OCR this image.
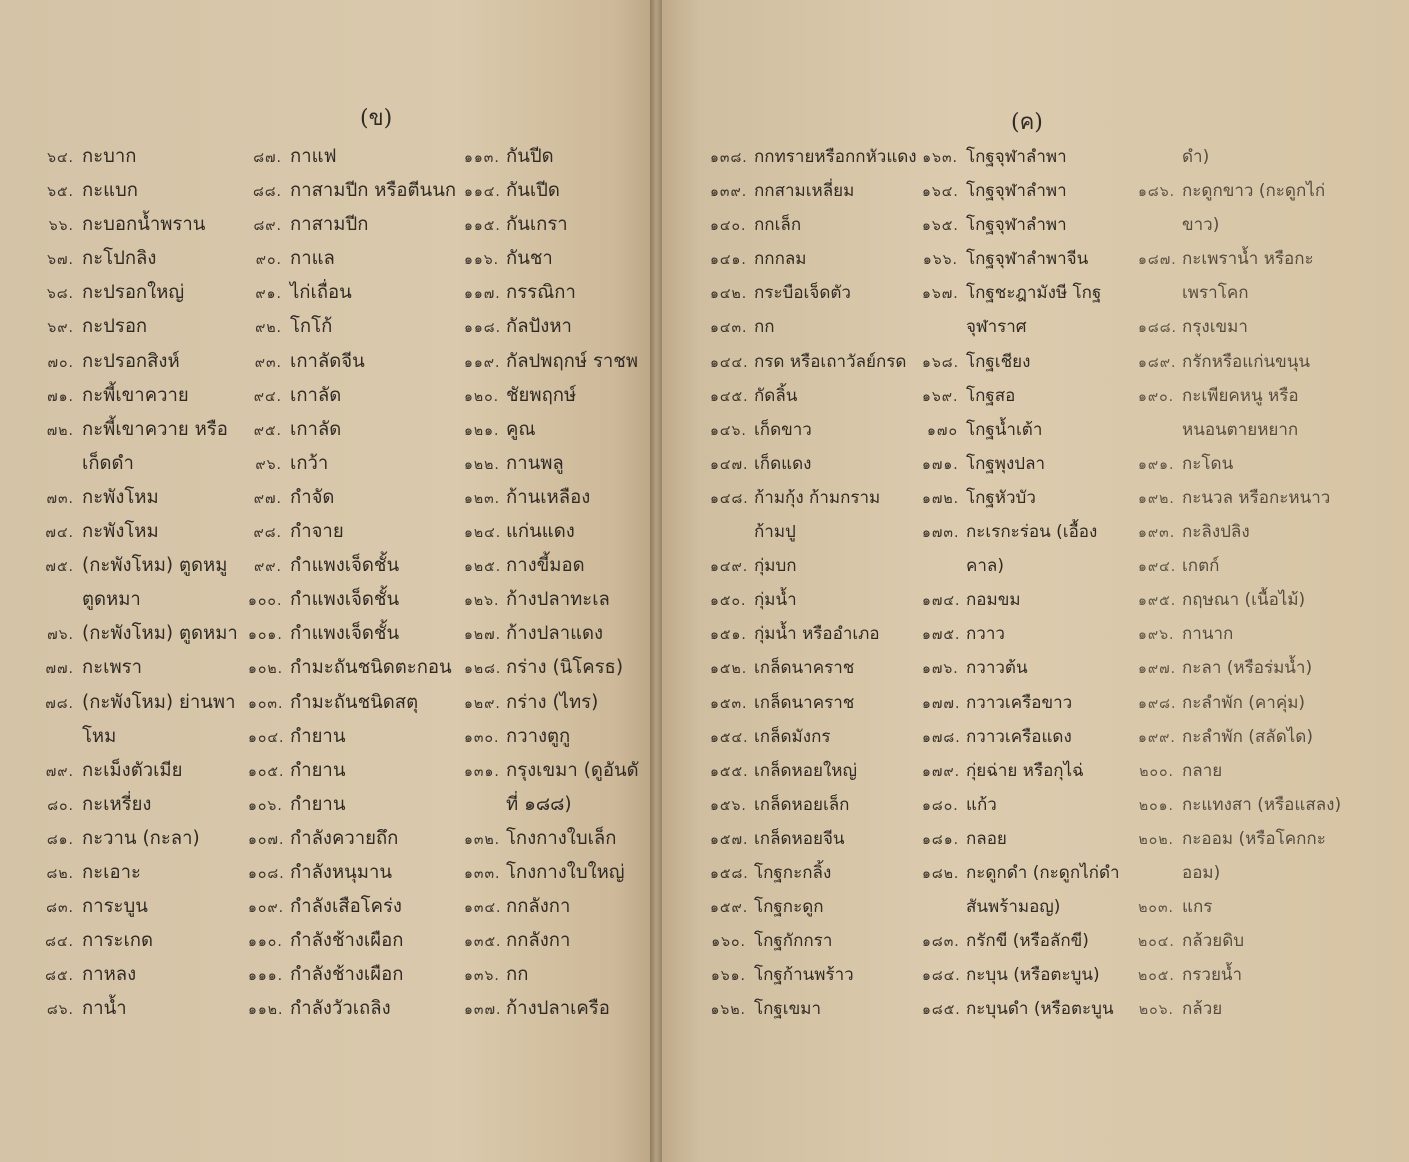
(ข)
๖๔. กะบาก
๖๕. กะแบก
๖๖. กะบอกน้ำพราน
๖๗. กะโปกลิง
๖๘. กะปรอกใหญ่
๖๙. กะปรอก
๗๐. กะปรอกสิงห์
๗๑. กะพี้เขาควาย
๗๒. กะพี้เขาควาย หรือ
เก็ดดำ
๗๓. กะพังโหม
๗๔. กะพังโหม
๗๕. (กะพังโหม) ตูดหมู
ตูดหมา
๗๖. (กะพังโหม) ตูดหมา
๗๗. กะเพรา
๗๘. (กะพังโหม) ย่านพา
โหม
๗๙. กะเม็งตัวเมีย
๘๐. กะเหรี่ยง
๘๑. กะวาน (กะลา)
๘๒. กะเอาะ
๘๓. การะบูน
๘๔. การะเกด
๘๕. กาหลง
๘๖. กาน้ำ
๘๗. กาแฟ
๘๘. กาสามปีก หรือตีนนก
๘๙. กาสามปีก
๙๐. กาแล
๙๑. ไก่เถื่อน
๙๒. โกโก้
๙๓. เกาลัดจีน
๙๔. เกาลัด
๙๕. เกาลัด
๙๖. เกว้า
๙๗. กำจัด
๙๘. กำจาย
๙๙. กำแพงเจ็ดชั้น
๑๐๐. กำแพงเจ็ดชั้น
๑๐๑. กำแพงเจ็ดชั้น
๑๐๒. กำมะถันชนิดตะกอน
๑๐๓. กำมะถันชนิดสตุ
๑๐๔. กำยาน
๑๐๕. กำยาน
๑๐๖. กำยาน
๑๐๗. กำลังควายถึก
๑๐๘. กำลังหนุมาน
๑๐๙. กำลังเสือโคร่ง
๑๑๐. กำลังช้างเผือก
๑๑๑. กำลังช้างเผือก
๑๑๒. กำลังวัวเถลิง
๑๑๓. กันปีด
๑๑๔. กันเปีด
๑๑๕. กันเกรา
๑๑๖. กันชา
๑๑๗. กรรณิกา
๑๑๘. กัลปังหา
๑๑๙. กัลปพฤกษ์ ราชพ
๑๒๐. ชัยพฤกษ์
๑๒๑. คูณ
๑๒๒. กานพลู
๑๒๓. ก้านเหลือง
๑๒๔. แก่นแดง
๑๒๕. กางขี้มอด
๑๒๖. ก้างปลาทะเล
๑๒๗. ก้างปลาแดง
๑๒๘. กร่าง (นิโครธ)
๑๒๙. กร่าง (ไทร)
๑๓๐. กวางตูกู
๑๓๑. กรุงเขมา (ดูอันดั
ที่ ๑๘๘)
๑๓๒. โกงกางใบเล็ก
๑๓๓. โกงกางใบใหญ่
๑๓๔. กกลังกา
๑๓๕. กกลังกา
๑๓๖. กก
๑๓๗. ก้างปลาเครือ
(ค)
๑๓๘. กกทรายหรือกกหัวแดง
๑๓๙. กกสามเหลี่ยม
๑๔๐. กกเล็ก
๑๔๑. กกกลม
๑๔๒. กระบือเจ็ดตัว
๑๔๓. กก
๑๔๔. กรด หรือเถาวัลย์กรด
๑๔๕. กัดลิ้น
๑๔๖. เก็ดขาว
๑๔๗. เก็ดแดง
๑๔๘. ก้ามกุ้ง ก้ามกราม
ก้ามปู
๑๔๙. กุ่มบก
๑๕๐. กุ่มน้ำ
๑๕๑. กุ่มน้ำ หรืออำเภอ
๑๕๒. เกล็ดนาคราช
๑๕๓. เกล็ดนาคราช
๑๕๔. เกล็ดมังกร
๑๕๕. เกล็ดหอยใหญ่
๑๕๖. เกล็ดหอยเล็ก
๑๕๗. เกล็ดหอยจีน
๑๕๘. โกฐกะกลิ้ง
๑๕๙. โกฐกะดูก
๑๖๐. โกฐกักกรา
๑๖๑. โกฐก้านพร้าว
๑๖๒. โกฐเขมา
๑๖๓. โกฐจุฬาลำพา
๑๖๔. โกฐจุฬาลำพา
๑๖๕. โกฐจุฬาลำพา
๑๖๖. โกฐจุฬาลำพาจีน
๑๖๗. โกฐชะฎามังษี โกฐ
จุฬาราศ
๑๖๘. โกฐเชียง
๑๖๙. โกฐสอ
๑๗๐ โกฐน้ำเต้า
๑๗๑. โกฐพุงปลา
๑๗๒. โกฐหัวบัว
๑๗๓. กะเรกะร่อน (เอื้อง
คาล)
๑๗๔. กอมขม
๑๗๕. กวาว
๑๗๖. กวาวต้น
๑๗๗. กวาวเครือขาว
๑๗๘. กวาวเครือแดง
๑๗๙. กุ่ยฉ่าย หรือกุไฉ่
๑๘๐. แก้ว
๑๘๑. กลอย
๑๘๒. กะดูกดำ (กะดูกไก่ดำ
สันพร้ามอญ)
๑๘๓. กรักขี (หรือลักขี)
๑๘๔. กะบุน (หรือตะบูน)
๑๘๕. กะบุนดำ (หรือตะบูน
ดำ)
๑๘๖. กะดูกขาว (กะดูกไก่
ขาว)
๑๘๗. กะเพราน้ำ หรือกะ
เพราโคก
๑๘๘. กรุงเขมา
๑๘๙. กรักหรือแก่นขนุน
๑๙๐. กะเพียคหนู หรือ
หนอนตายหยาก
๑๙๑. กะโดน
๑๙๒. กะนวล หรือกะหนาว
๑๙๓. กะลิงปลิง
๑๙๔. เกตก์
๑๙๕. กฤษณา (เนื้อไม้)
๑๙๖. กานาก
๑๙๗. กะลา (หรือร่มน้ำ)
๑๙๘. กะลำพัก (คาคุ่ม)
๑๙๙. กะลำพัก (สลัดได)
๒๐๐. กลาย
๒๐๑. กะแทงสา (หรือแสลง)
๒๐๒. กะออม (หรือโคกกะ
ออม)
๒๐๓. แกร
๒๐๔. กล้วยดิบ
๒๐๕. กรวยน้ำ
๒๐๖. กล้วย
